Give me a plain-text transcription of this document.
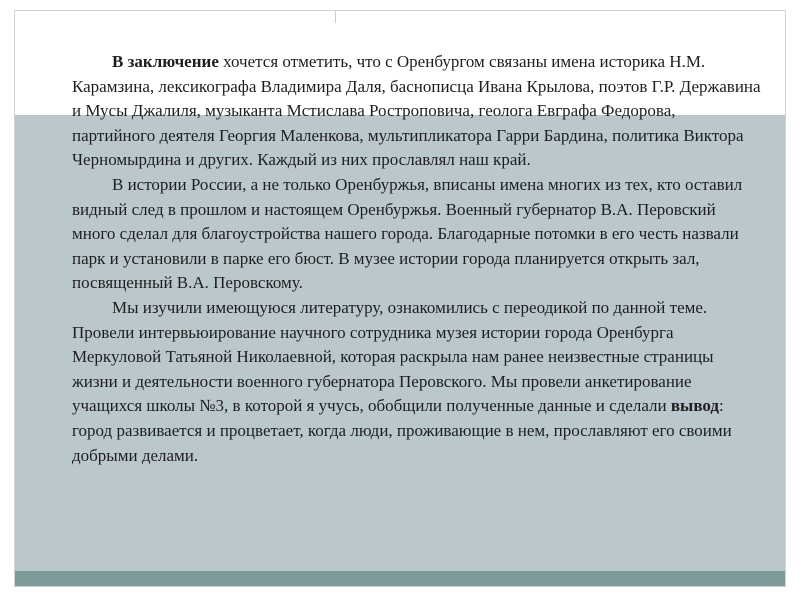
В заключение хочется отметить, что с Оренбургом связаны имена историка Н.М. Карамзина, лексикографа Владимира Даля, баснописца Ивана Крылова, поэтов Г.Р. Державина и Мусы Джалиля, музыканта Мстислава Ростроповича, геолога Евграфа Федорова, партийного деятеля Георгия Маленкова, мультипликатора Гарри Бардина, политика Виктора Черномырдина и других. Каждый из них прославлял наш край.

В истории России, а не только Оренбуржья, вписаны имена многих из тех, кто оставил видный след в прошлом и настоящем Оренбуржья. Военный губернатор В.А. Перовский много сделал для благоустройства нашего города. Благодарные потомки в его честь назвали парк и установили в парке его бюст. В музее истории города планируется открыть зал, посвященный В.А. Перовскому.

Мы изучили имеющуюся литературу, ознакомились с переодикой по данной теме. Провели интервьюирование научного сотрудника музея истории города Оренбурга Меркуловой Татьяной Николаевной, которая раскрыла нам ранее неизвестные страницы жизни и деятельности военного губернатора Перовского. Мы провели анкетирование учащихся школы №3, в которой я учусь, обобщили полученные данные и сделали вывод: город развивается и процветает, когда люди, проживающие в нем, прославляют его своими добрыми делами.
